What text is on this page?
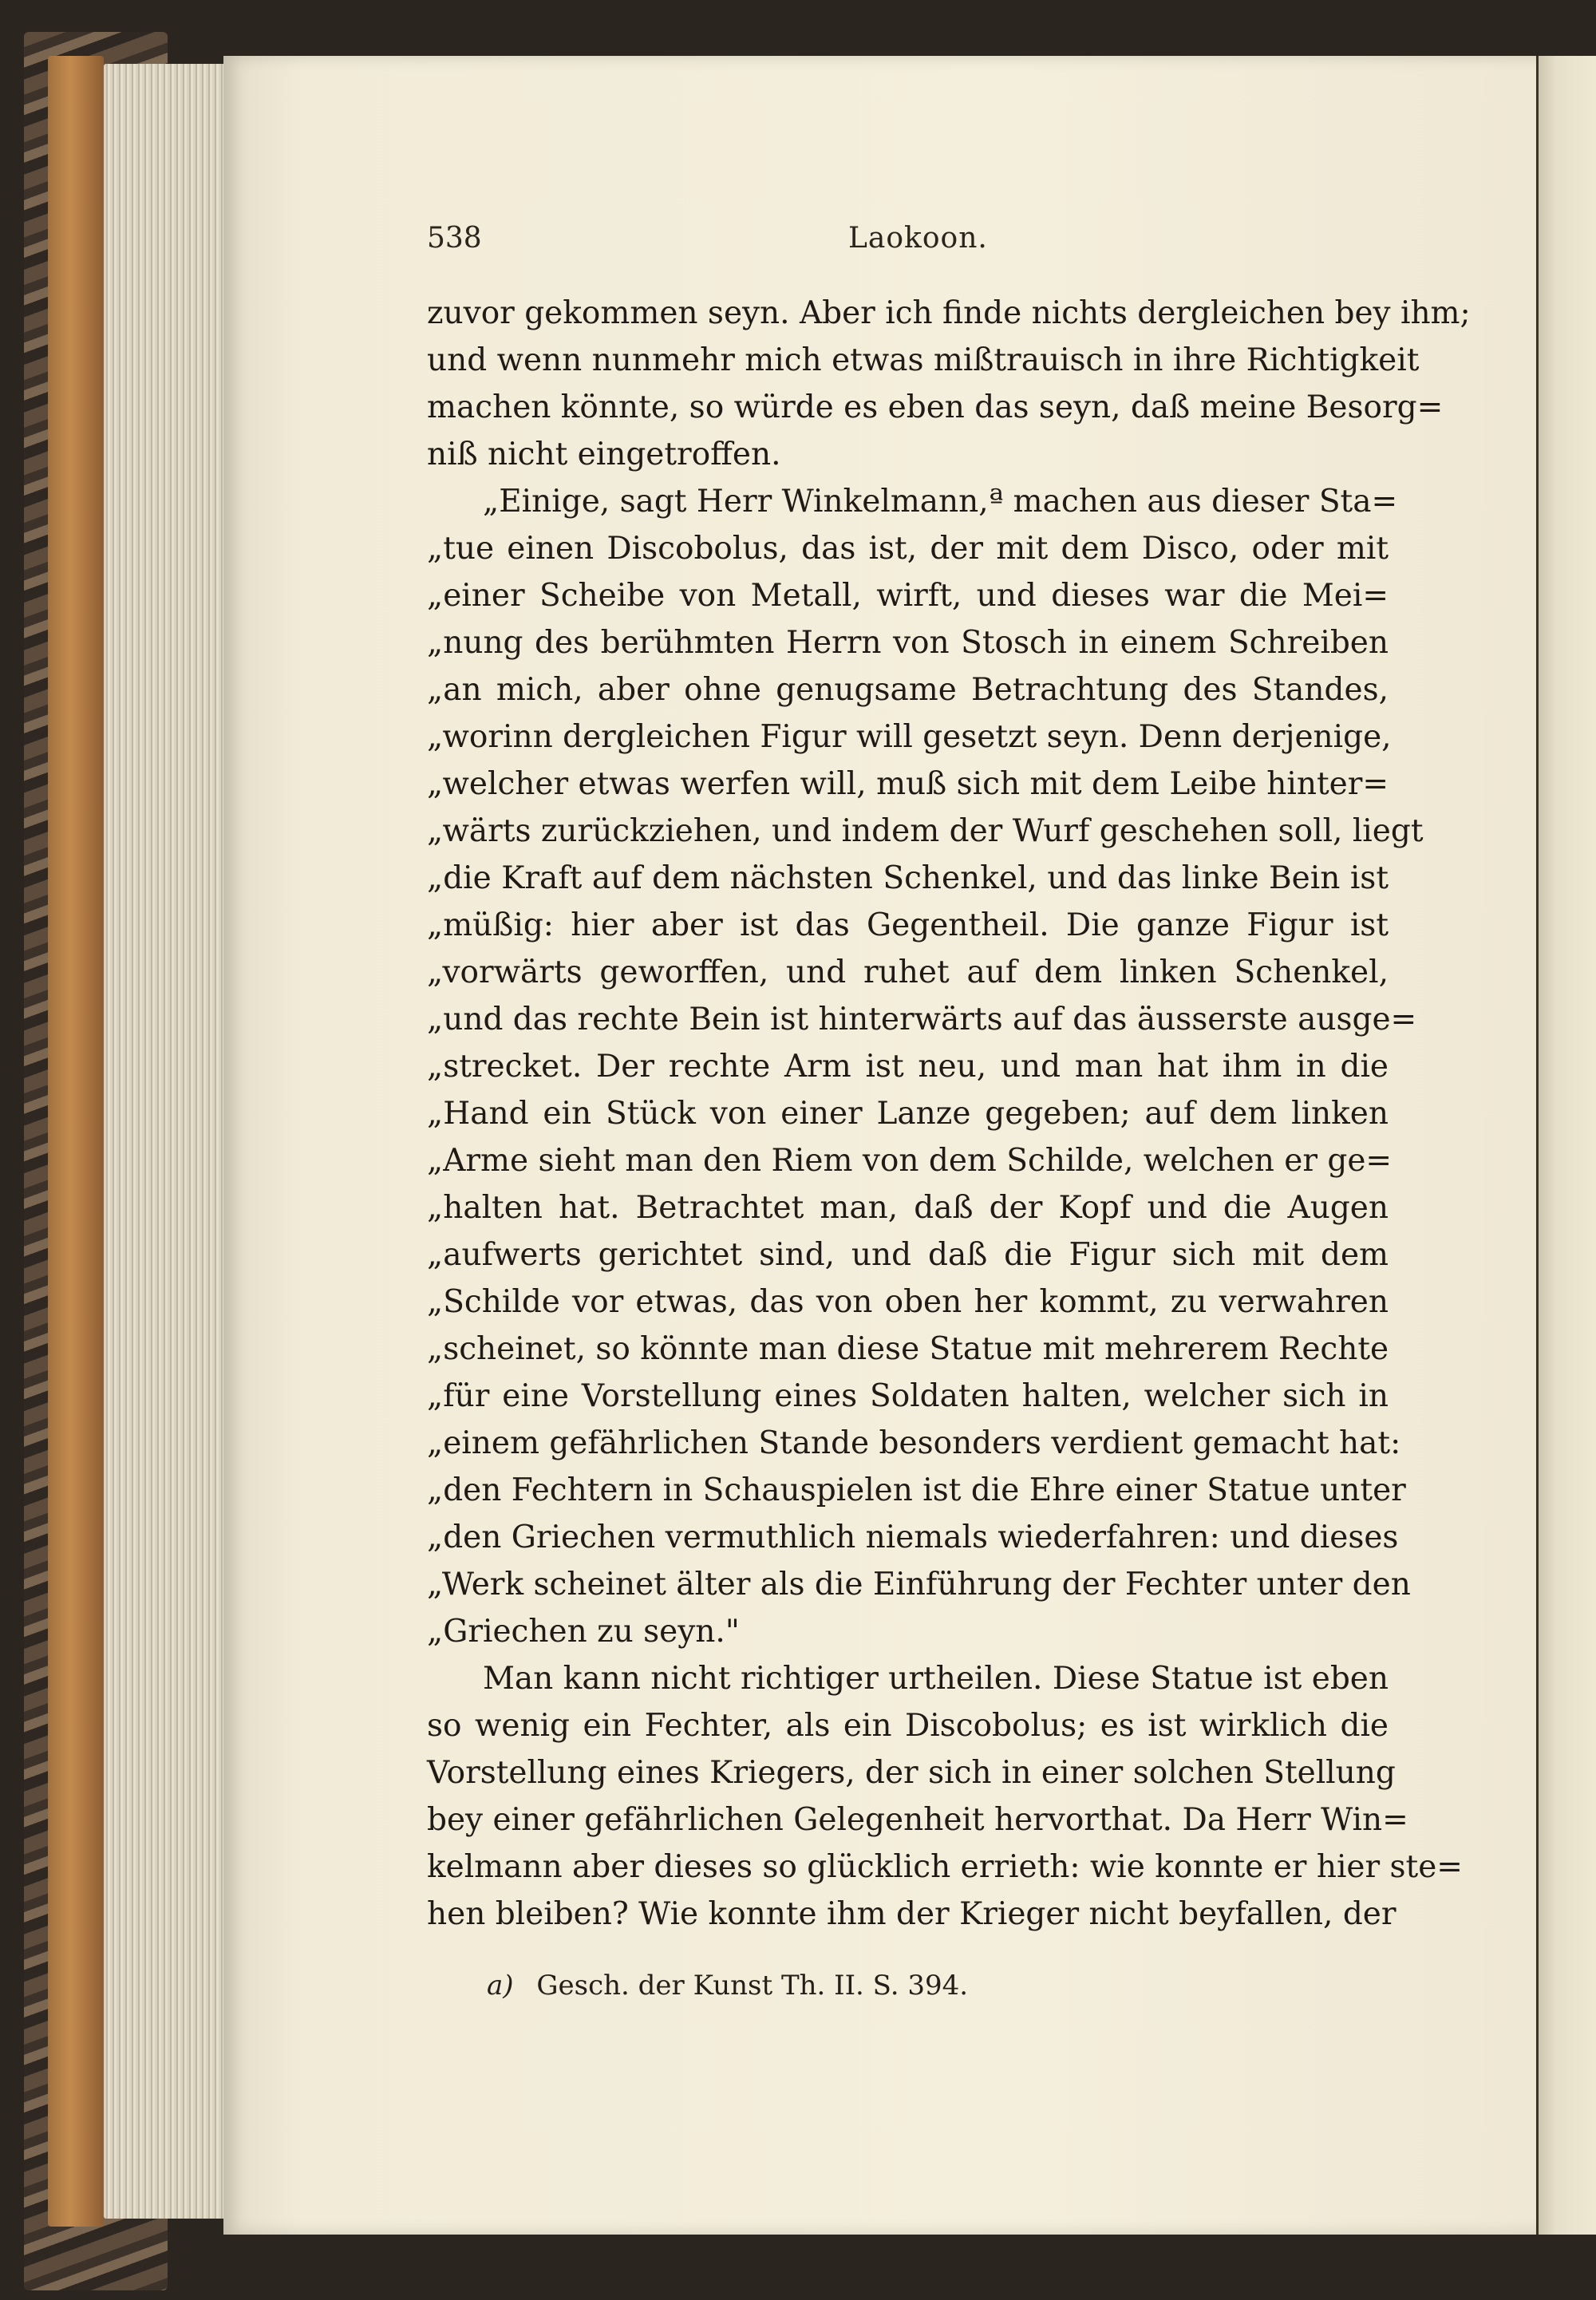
538	Laokoon.
zuvor gekommen seyn. Aber ich finde nichts dergleichen bey ihm;
und wenn nunmehr mich etwas mißtrauisch in ihre Richtigkeit
machen könnte, so würde es eben das seyn, daß meine Besorg=
niß nicht eingetroffen.
„Einige, sagt Herr Winkelmann,ª machen aus dieser Sta=
„tue einen Discobolus, das ist, der mit dem Disco, oder mit
„einer Scheibe von Metall, wirft, und dieses war die Mei=
„nung des berühmten Herrn von Stosch in einem Schreiben
„an mich, aber ohne genugsame Betrachtung des Standes,
„worinn dergleichen Figur will gesetzt seyn. Denn derjenige,
„welcher etwas werfen will, muß sich mit dem Leibe hinter=
„wärts zurückziehen, und indem der Wurf geschehen soll, liegt
„die Kraft auf dem nächsten Schenkel, und das linke Bein ist
„müßig: hier aber ist das Gegentheil. Die ganze Figur ist
„vorwärts geworffen, und ruhet auf dem linken Schenkel,
„und das rechte Bein ist hinterwärts auf das äusserste ausge=
„strecket. Der rechte Arm ist neu, und man hat ihm in die
„Hand ein Stück von einer Lanze gegeben; auf dem linken
„Arme sieht man den Riem von dem Schilde, welchen er ge=
„halten hat. Betrachtet man, daß der Kopf und die Augen
„aufwerts gerichtet sind, und daß die Figur sich mit dem
„Schilde vor etwas, das von oben her kommt, zu verwahren
„scheinet, so könnte man diese Statue mit mehrerem Rechte
„für eine Vorstellung eines Soldaten halten, welcher sich in
„einem gefährlichen Stande besonders verdient gemacht hat:
„den Fechtern in Schauspielen ist die Ehre einer Statue unter
„den Griechen vermuthlich niemals wiederfahren: und dieses
„Werk scheinet älter als die Einführung der Fechter unter den
„Griechen zu seyn."
Man kann nicht richtiger urtheilen. Diese Statue ist eben
so wenig ein Fechter, als ein Discobolus; es ist wirklich die
Vorstellung eines Kriegers, der sich in einer solchen Stellung
bey einer gefährlichen Gelegenheit hervorthat. Da Herr Win=
kelmann aber dieses so glücklich errieth: wie konnte er hier ste=
hen bleiben? Wie konnte ihm der Krieger nicht beyfallen, der
a) Gesch. der Kunst Th. II. S. 394.
